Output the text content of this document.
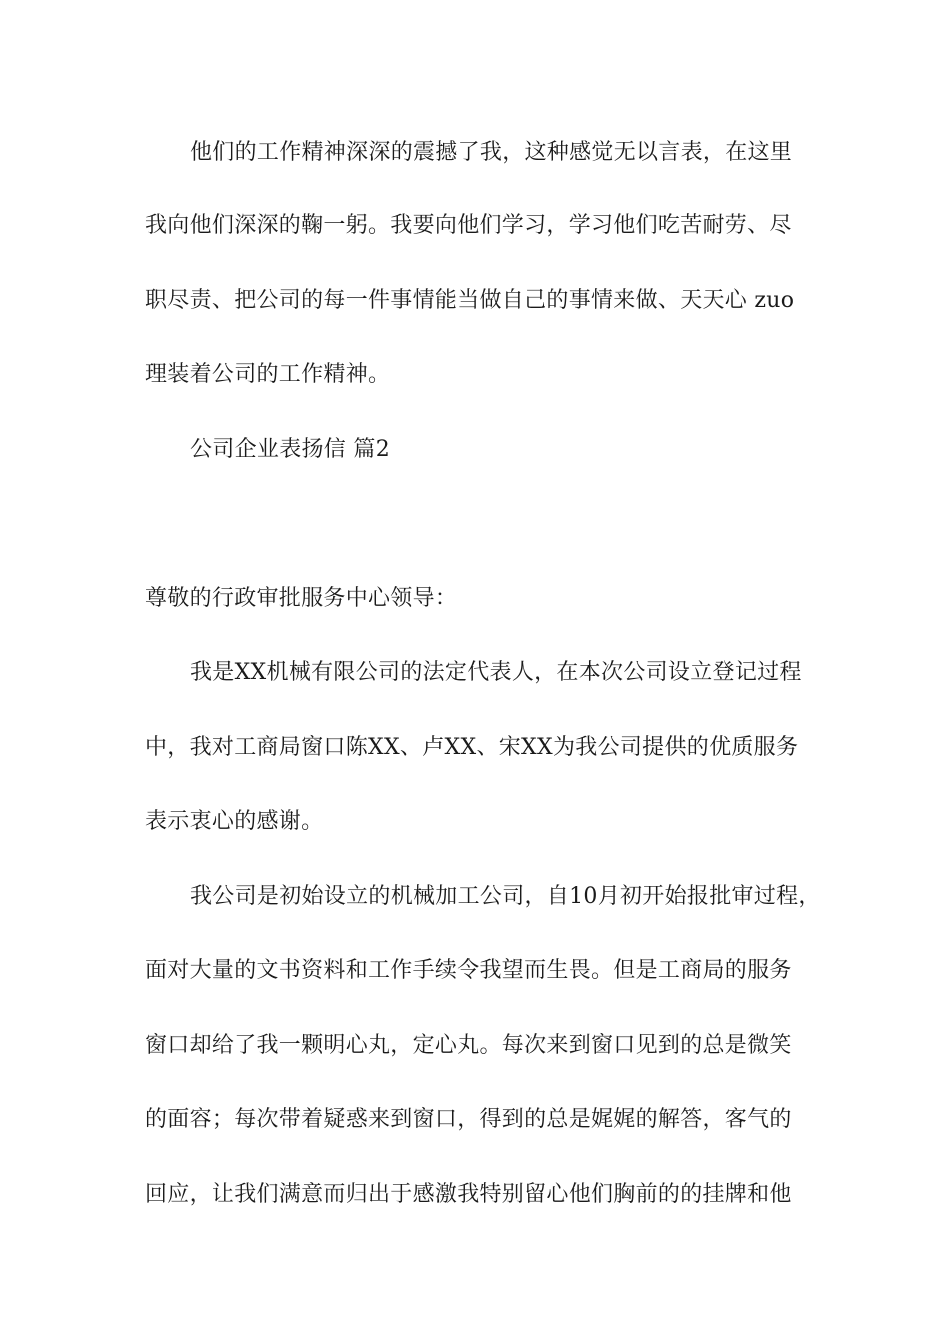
他们的工作精神深深的震撼了我，这种感觉无以言表，在这里
我向他们深深的鞠一躬。我要向他们学习，学习他们吃苦耐劳、尽
职尽责、把公司的每一件事情能当做自己的事情来做、天天心 zuo
理装着公司的工作精神。
公司企业表扬信 篇2
尊敬的行政审批服务中心领导：
我是XX机械有限公司的法定代表人，在本次公司设立登记过程
中，我对工商局窗口陈XX、卢XX、宋XX为我公司提供的优质服务
表示衷心的感谢。
我公司是初始设立的机械加工公司，自10月初开始报批审过程，
面对大量的文书资料和工作手续令我望而生畏。但是工商局的服务
窗口却给了我一颗明心丸，定心丸。每次来到窗口见到的总是微笑
的面容；每次带着疑惑来到窗口，得到的总是娓娓的解答，客气的
回应，让我们满意而归出于感激我特别留心他们胸前的的挂牌和他
